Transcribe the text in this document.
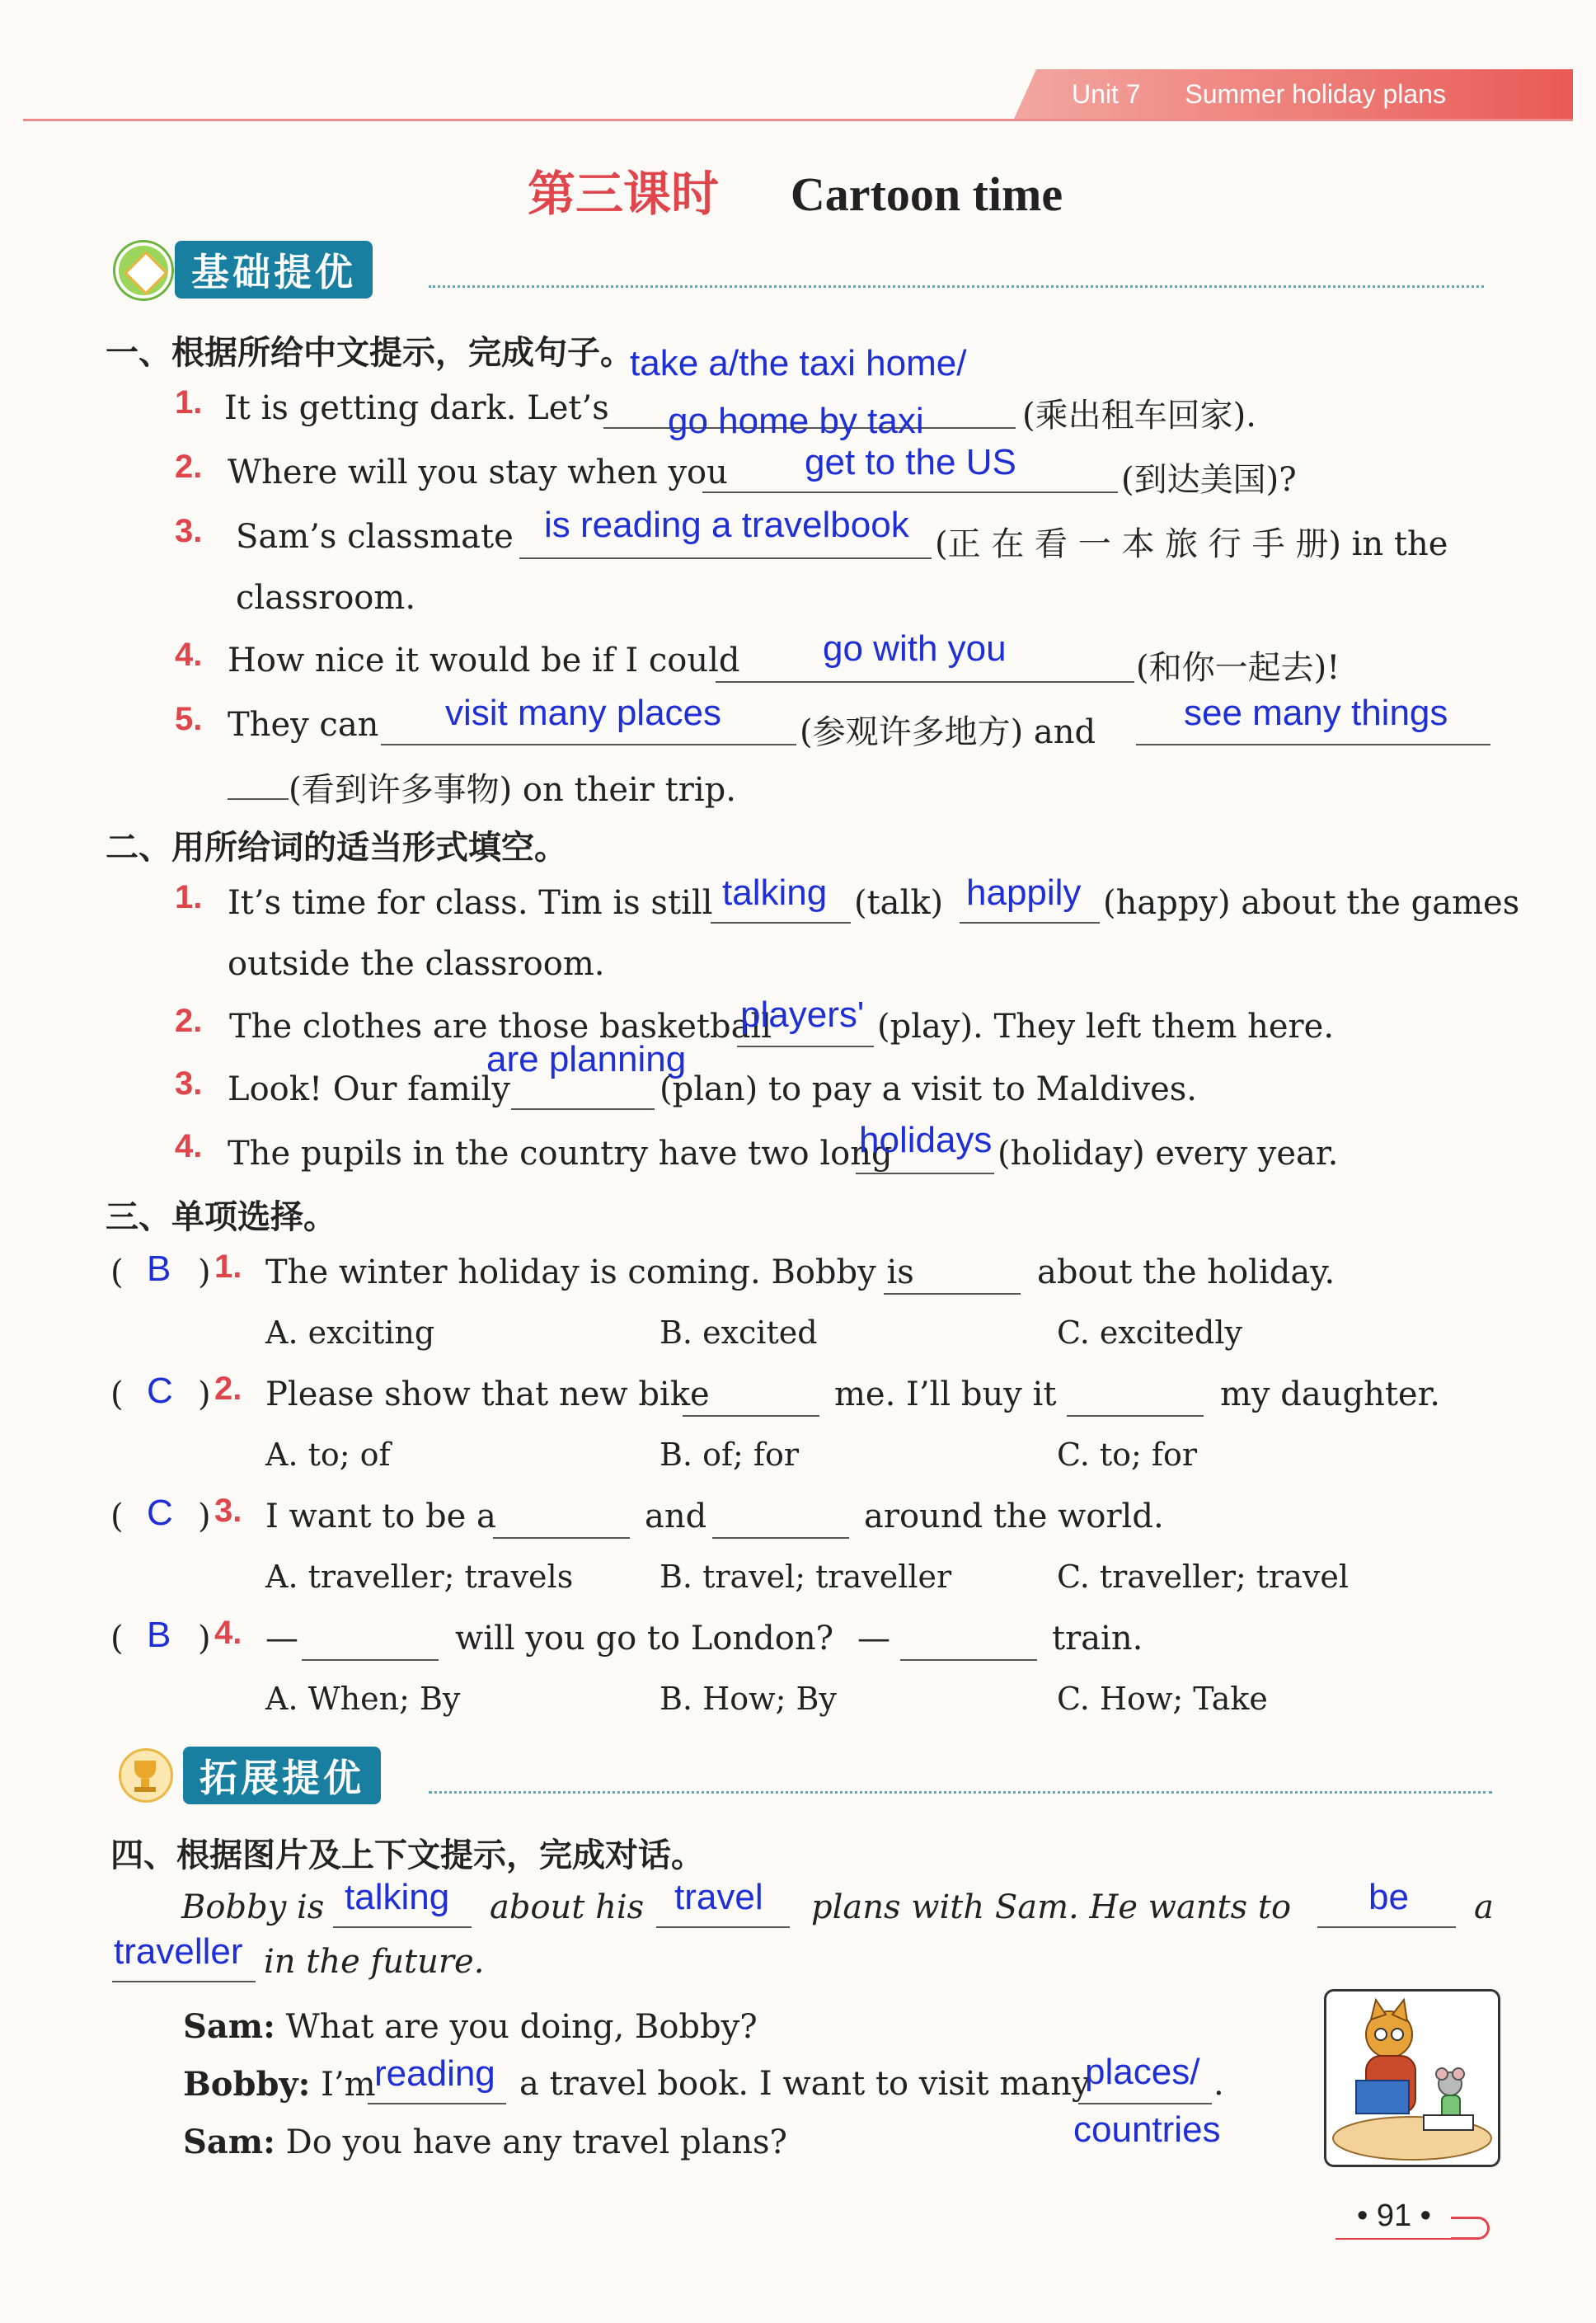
Unit 7 Summer holiday plans
第三课时 Cartoon time
基础提优
一、根据所给中文提示，完成句子。
1. It is getting dark. Let’s
take a/the taxi home/
go home by taxi	(乘出租车回家).
2. Where will you stay when you get to the US	(到达美国)?
3. Sam’s classmate is reading a travelbook (正 在 看 一 本 旅 行 手 册) in the
classroom.
4. How nice it would be if I could go with you	(和你一起去)!
5. They can visit many places (参观许多地方) and see many things
(看到许多事物) on their trip.
二、用所给词的适当形式填空。
1. It’s time for class. Tim is still talking (talk) happily (happy) about the games
outside the classroom.
2. The clothes are those basketball
players' (play). They left them here.
3. Look! Our family
are planning
(plan) to pay a visit to Maldives.
4. The pupils in the country have two long
holidays (holiday) every year.
三、单项选择。
( B ) 1. The winter holiday is coming. Bobby is	about the holiday.
A. exciting	B. excited	C. excitedly
( C ) 2. Please show that new bike	me. I’ll buy it	my daughter.
A. to; of	B. of; for	C. to; for
( C ) 3. I want to be a	and	around the world.
A. traveller; travels	B. travel; traveller	C. traveller; travel
( B ) 4. —	will you go to London? —	train.
A. When; By	B. How; By	C. How; Take
拓展提优
四、根据图片及上下文提示，完成对话。
Bobby is talking about his travel plans with Sam. He wants to be a
traveller in the future.
Sam: What are you doing, Bobby?
Bobby: I’m
reading a travel book. I want to visit many
places/ .
countries
Sam: Do you have any travel plans?
• 91 •
